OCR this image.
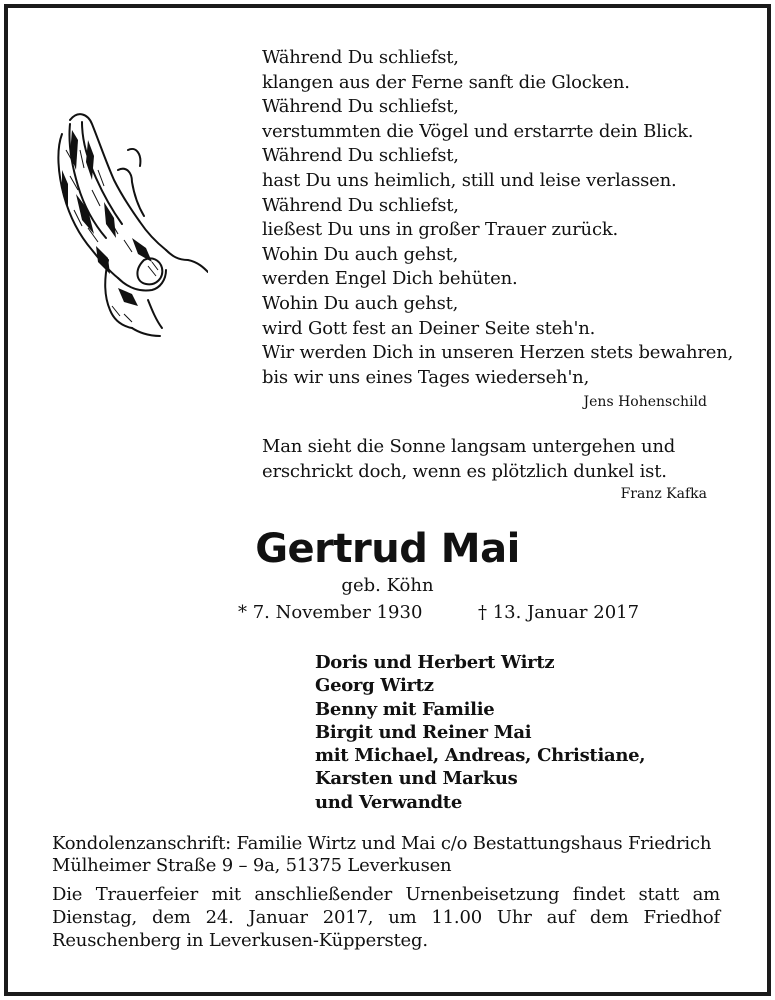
Während Du schliefst,
klangen aus der Ferne sanft die Glocken.
Während Du schliefst,
verstummten die Vögel und erstarrte dein Blick.
Während Du schliefst,
hast Du uns heimlich, still und leise verlassen.
Während Du schliefst,
ließest Du uns in großer Trauer zurück.
Wohin Du auch gehst,
werden Engel Dich behüten.
Wohin Du auch gehst,
wird Gott fest an Deiner Seite steh'n.
Wir werden Dich in unseren Herzen stets bewahren,
bis wir uns eines Tages wiederseh'n,
Jens Hohenschild
Man sieht die Sonne langsam untergehen und
erschrickt doch, wenn es plötzlich dunkel ist.
Franz Kafka
Gertrud Mai
geb. Köhn
* 7. November 1930	† 13. Januar 2017
Doris und Herbert Wirtz
Georg Wirtz
Benny mit Familie
Birgit und Reiner Mai
mit Michael, Andreas, Christiane,
Karsten und Markus
und Verwandte
Kondolenzanschrift: Familie Wirtz und Mai c/o Bestattungshaus Friedrich
Mülheimer Straße 9 – 9a, 51375 Leverkusen
Die Trauerfeier mit anschließender Urnenbeisetzung findet statt am Dienstag, dem 24. Januar 2017, um 11.00 Uhr auf dem Friedhof Reuschenberg in Leverkusen-Küppersteg.
